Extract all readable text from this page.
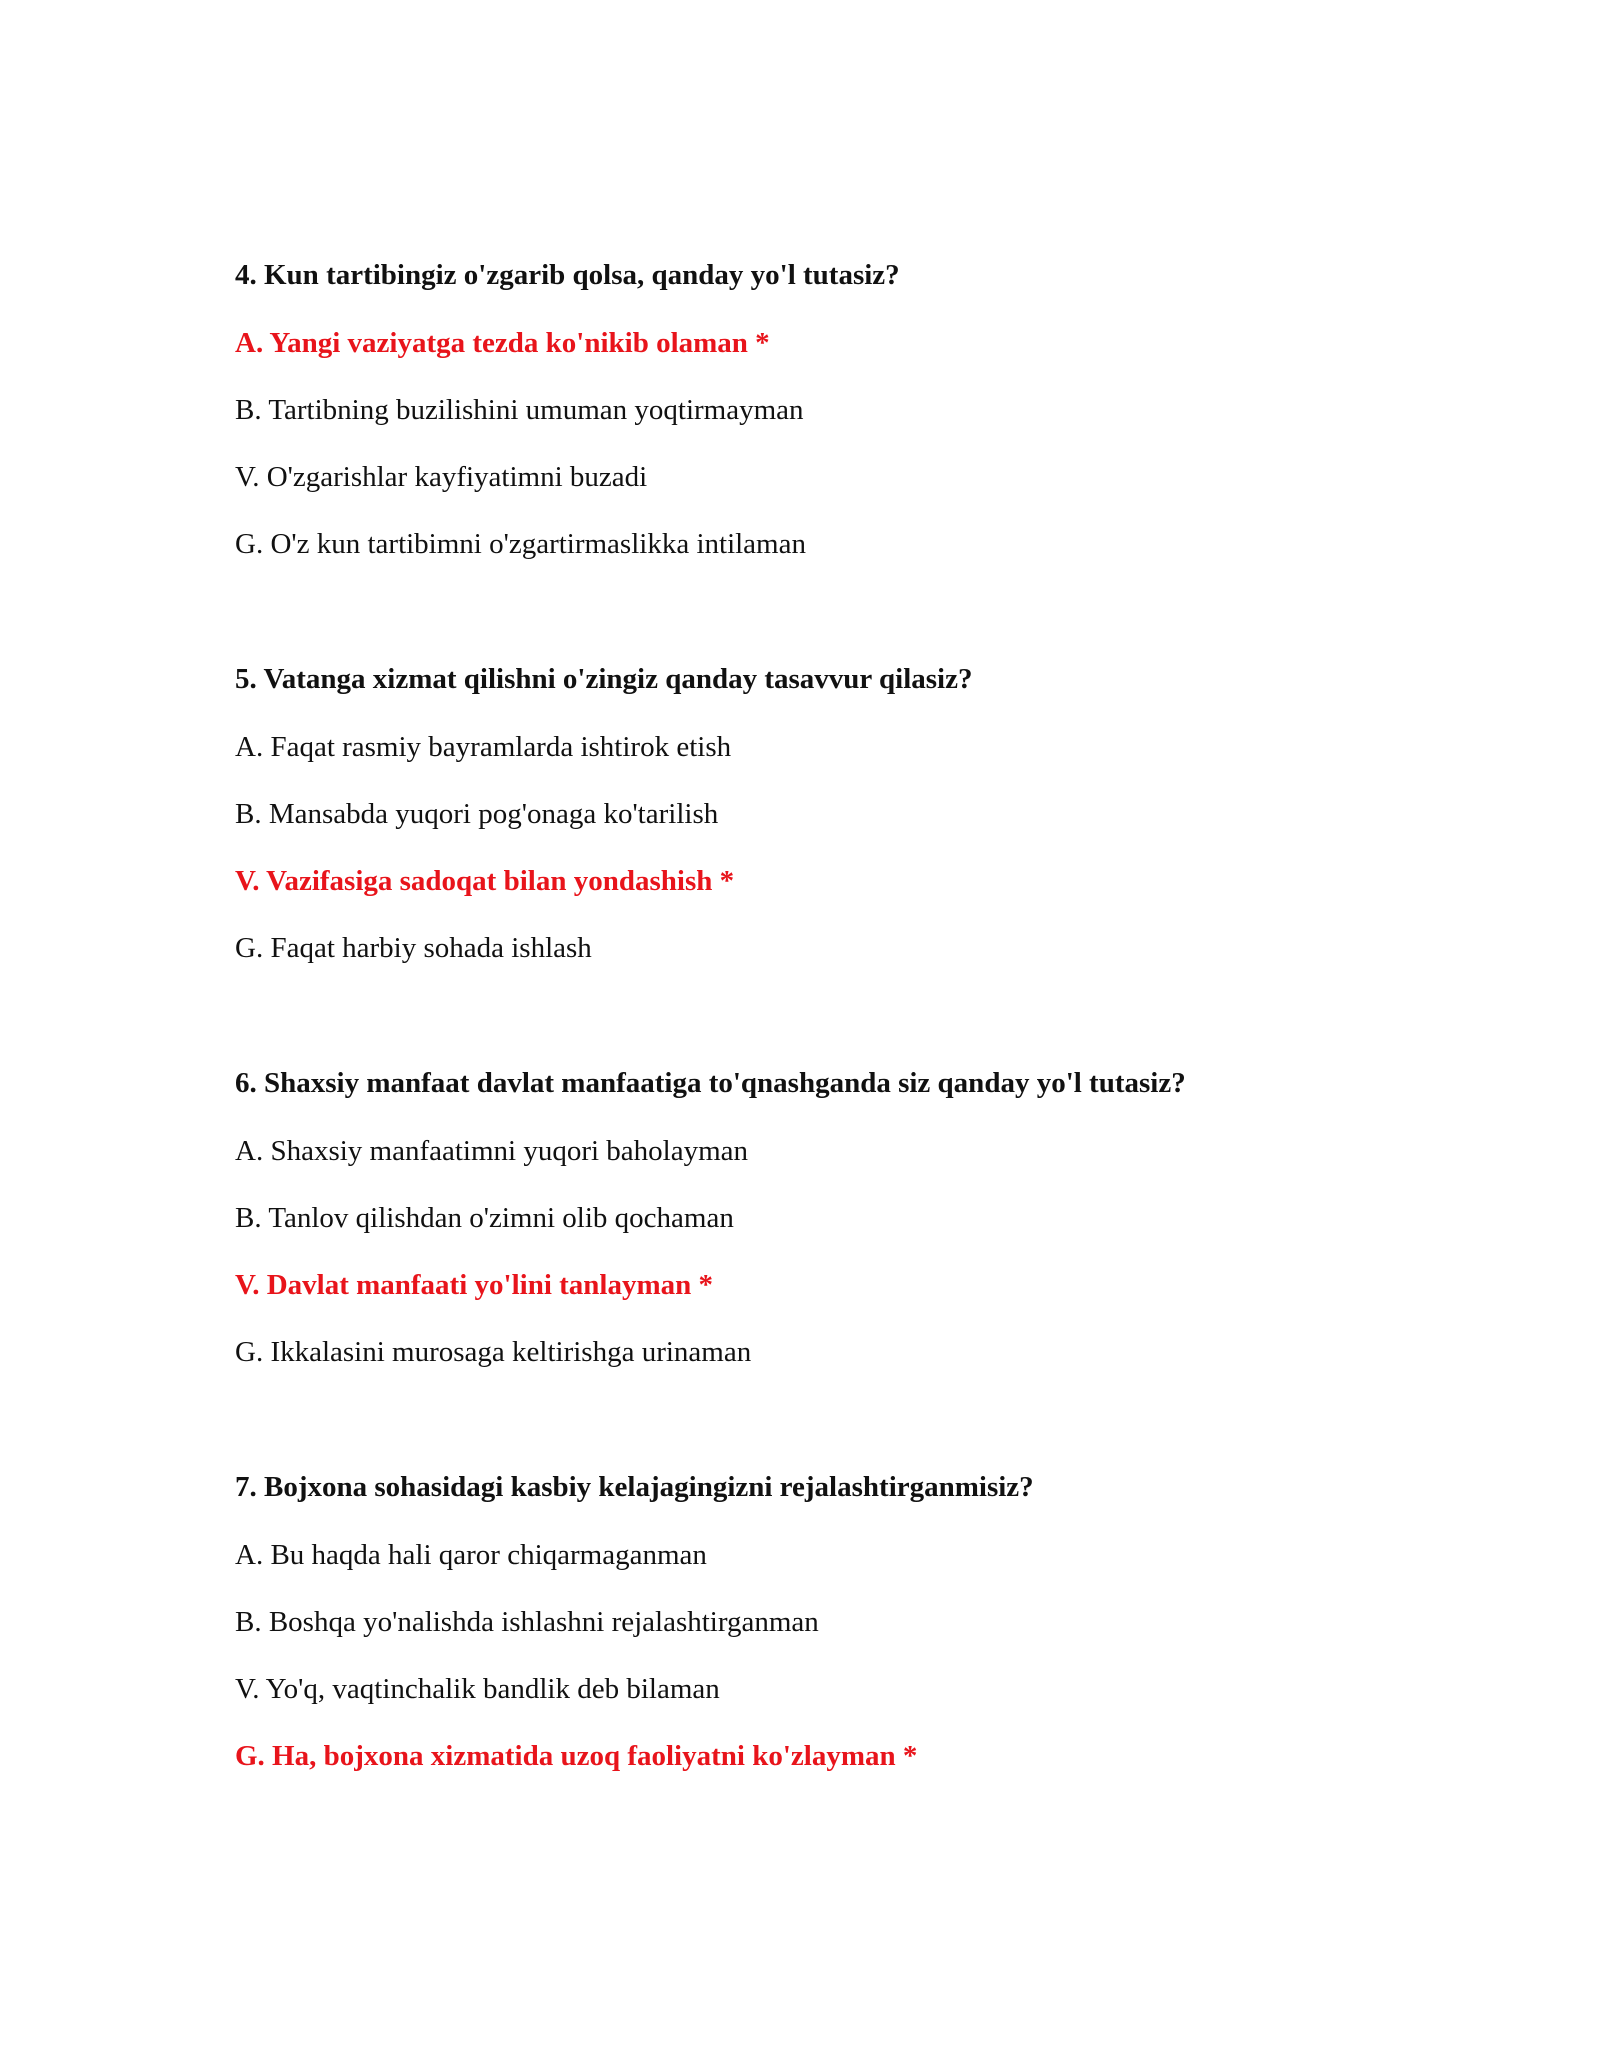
4. Kun tartibingiz o'zgarib qolsa, qanday yo'l tutasiz?
A. Yangi vaziyatga tezda ko'nikib olaman *
B. Tartibning buzilishini umuman yoqtirmayman
V. O'zgarishlar kayfiyatimni buzadi
G. O'z kun tartibimni o'zgartirmaslikka intilaman
5. Vatanga xizmat qilishni o'zingiz qanday tasavvur qilasiz?
A. Faqat rasmiy bayramlarda ishtirok etish
B. Mansabda yuqori pog'onaga ko'tarilish
V. Vazifasiga sadoqat bilan yondashish *
G. Faqat harbiy sohada ishlash
6. Shaxsiy manfaat davlat manfaatiga to'qnashganda siz qanday yo'l tutasiz?
A. Shaxsiy manfaatimni yuqori baholayman
B. Tanlov qilishdan o'zimni olib qochaman
V. Davlat manfaati yo'lini tanlayman *
G. Ikkalasini murosaga keltirishga urinaman
7. Bojxona sohasidagi kasbiy kelajagingizni rejalashtirganmisiz?
A. Bu haqda hali qaror chiqarmaganman
B. Boshqa yo'nalishda ishlashni rejalashtirganman
V. Yo'q, vaqtinchalik bandlik deb bilaman
G. Ha, bojxona xizmatida uzoq faoliyatni ko'zlayman *
